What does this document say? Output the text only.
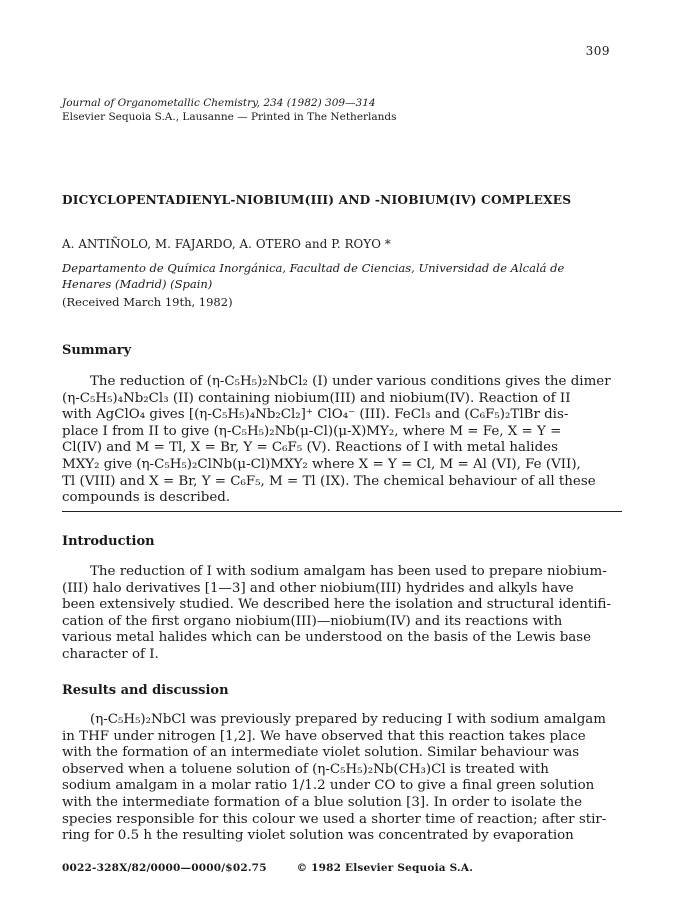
309
Journal of Organometallic Chemistry, 234 (1982) 309—314
Elsevier Sequoia S.A., Lausanne — Printed in The Netherlands
DICYCLOPENTADIENYL-NIOBIUM(III) AND -NIOBIUM(IV) COMPLEXES
A. ANTIÑOLO, M. FAJARDO, A. OTERO and P. ROYO *
Departamento de Química Inorgánica, Facultad de Ciencias, Universidad de Alcalá de
Henares (Madrid) (Spain)
(Received March 19th, 1982)
Summary
The reduction of (η-C₅H₅)₂NbCl₂ (I) under various conditions gives the dimer
(η-C₅H₅)₄Nb₂Cl₃ (II) containing niobium(III) and niobium(IV). Reaction of II
with AgClO₄ gives [(η-C₅H₅)₄Nb₂Cl₂]⁺ ClO₄⁻ (III). FeCl₃ and (C₆F₅)₂TlBr dis-
place I from II to give (η-C₅H₅)₂Nb(μ-Cl)(μ-X)MY₂, where M = Fe, X = Y =
Cl(IV) and M = Tl, X = Br, Y = C₆F₅ (V). Reactions of I with metal halides
MXY₂ give (η-C₅H₅)₂ClNb(μ-Cl)MXY₂ where X = Y = Cl, M = Al (VI), Fe (VII),
Tl (VIII) and X = Br, Y = C₆F₅, M = Tl (IX). The chemical behaviour of all these
compounds is described.
Introduction
The reduction of I with sodium amalgam has been used to prepare niobium-
(III) halo derivatives [1—3] and other niobium(III) hydrides and alkyls have
been extensively studied. We described here the isolation and structural identifi-
cation of the first organo niobium(III)—niobium(IV) and its reactions with
various metal halides which can be understood on the basis of the Lewis base
character of I.
Results and discussion
(η-C₅H₅)₂NbCl was previously prepared by reducing I with sodium amalgam
in THF under nitrogen [1,2]. We have observed that this reaction takes place
with the formation of an intermediate violet solution. Similar behaviour was
observed when a toluene solution of (η-C₅H₅)₂Nb(CH₃)Cl is treated with
sodium amalgam in a molar ratio 1/1.2 under CO to give a final green solution
with the intermediate formation of a blue solution [3]. In order to isolate the
species responsible for this colour we used a shorter time of reaction; after stir-
ring for 0.5 h the resulting violet solution was concentrated by evaporation
0022-328X/82/0000—0000/$02.75	© 1982 Elsevier Sequoia S.A.
